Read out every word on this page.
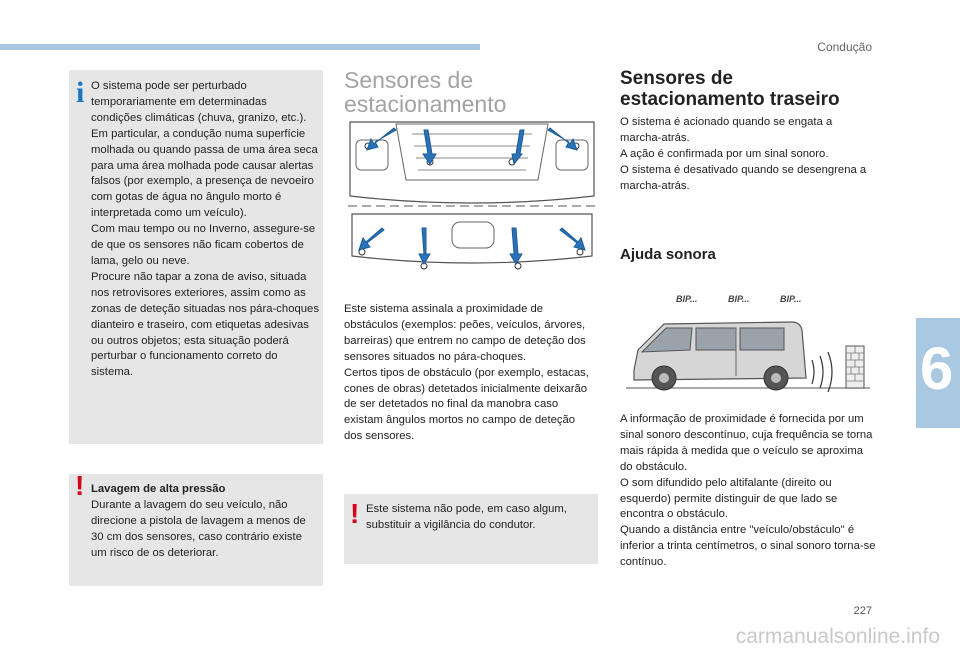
Condução

O sistema pode ser perturbado temporariamente em determinadas condições climáticas (chuva, granizo, etc.).
Em particular, a condução numa superfície molhada ou quando passa de uma área seca para uma área molhada pode causar alertas falsos (por exemplo, a presença de nevoeiro com gotas de água no ângulo morto é interpretada como um veículo).
Com mau tempo ou no Inverno, assegure-se de que os sensores não ficam cobertos de lama, gelo ou neve.
Procure não tapar a zona de aviso, situada nos retrovisores exteriores, assim como as zonas de deteção situadas nos pára-choques dianteiro e traseiro, com etiquetas adesivas ou outros objetos; esta situação poderá perturbar o funcionamento correto do sistema.

i

Lavagem de alta pressão

Durante a lavagem do seu veículo, não direcione a pistola de lavagem a menos de 30 cm dos sensores, caso contrário existe um risco de os deteriorar.

!
Sensores de estacionamento

Este sistema assinala a proximidade de obstáculos (exemplos: peões, veículos, árvores, barreiras) que entrem no campo de deteção dos sensores situados no pára-choques.
Certos tipos de obstáculo (por exemplo, estacas, cones de obras) detetados inicialmente deixarão de ser detetados no final da manobra caso existam ângulos mortos no campo de deteção dos sensores.

Este sistema não pode, em caso algum, substituir a vigilância do condutor.

!
Sensores de estacionamento traseiro

O sistema é acionado quando se engata a marcha-atrás.
A ação é confirmada por um sinal sonoro.
O sistema é desativado quando se desengrena a marcha-atrás.

Ajuda sonora
BIP...	BIP...	BIP...

A informação de proximidade é fornecida por um sinal sonoro descontínuo, cuja frequência se torna mais rápida à medida que o veículo se aproxima do obstáculo.
O som difundido pelo altifalante (direito ou esquerdo) permite distinguir de que lado se encontra o obstáculo.
Quando a distância entre "veículo/obstáculo" é inferior a trinta centímetros, o sinal sonoro torna-se contínuo.

6
227
carmanualsonline.info
